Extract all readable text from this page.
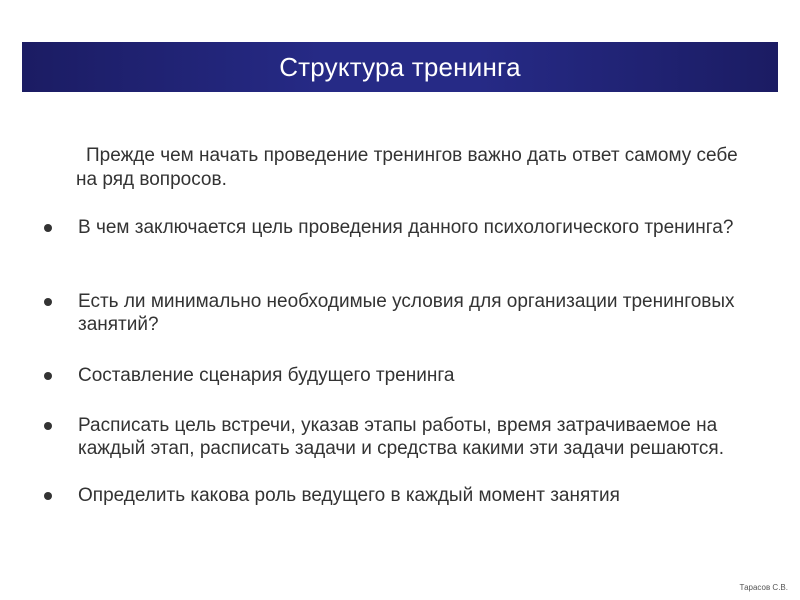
Структура тренинга

Прежде чем начать проведение тренингов важно дать ответ самому себе на ряд вопросов.

В чем заключается цель проведения данного психологического тренинга?

Есть ли минимально необходимые условия для организации тренинговых занятий?

Составление сценария будущего тренинга

Расписать цель встречи, указав этапы работы, время затрачиваемое на каждый этап, расписать задачи и средства какими эти задачи решаются.

Определить какова роль ведущего в каждый момент занятия

Тарасов С.В.
